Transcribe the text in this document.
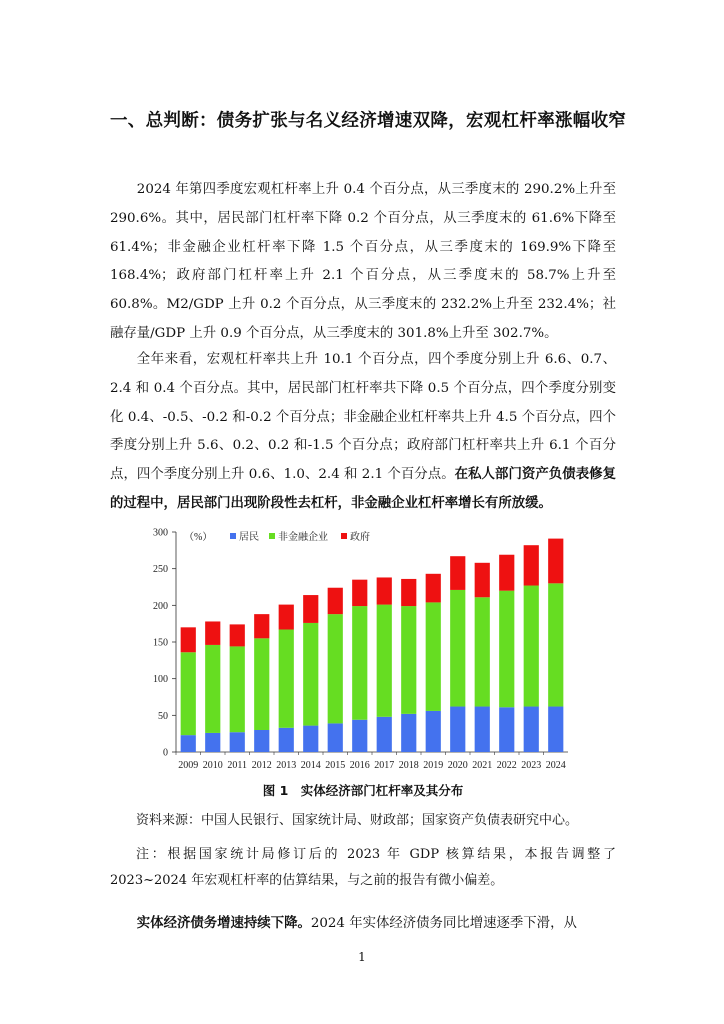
一、总判断：债务扩张与名义经济增速双降，宏观杠杆率涨幅收窄

2024 年第四季度宏观杠杆率上升 0.4 个百分点，从三季度末的 290.2%上升至 290.6%。其中，居民部门杠杆率下降 0.2 个百分点，从三季度末的 61.6%下降至 61.4%；非金融企业杠杆率下降 1.5 个百分点，从三季度末的 169.9%下降至 168.4%；政府部门杠杆率上升 2.1 个百分点，从三季度末的 58.7%上升至 60.8%。M2/GDP 上升 0.2 个百分点，从三季度末的 232.2%上升至 232.4%；社融存量/GDP 上升 0.9 个百分点，从三季度末的 301.8%上升至 302.7%。

全年来看，宏观杠杆率共上升 10.1 个百分点，四个季度分别上升 6.6、0.7、2.4 和 0.4 个百分点。其中，居民部门杠杆率共下降 0.5 个百分点，四个季度分别变化 0.4、-0.5、-0.2 和-0.2 个百分点；非金融企业杠杆率共上升 4.5 个百分点，四个季度分别上升 5.6、0.2、0.2 和-1.5 个百分点；政府部门杠杆率共上升 6.1 个百分点，四个季度分别上升 0.6、1.0、2.4 和 2.1 个百分点。在私人部门资产负债表修复的过程中，居民部门出现阶段性去杠杆，非金融企业杠杆率增长有所放缓。

0
50
100
150
200
250
300
2009 2010 2011 2012 2013 2014 2015 2016 2017 2018 2019 2020 2021 2022 2023 2024
（%）	居民 非金融企业 政府

图 1　实体经济部门杠杆率及其分布

资料来源：中国人民银行、国家统计局、财政部；国家资产负债表研究中心。

注：根据国家统计局修订后的 2023 年 GDP 核算结果，本报告调整了 2023~2024 年宏观杠杆率的估算结果，与之前的报告有微小偏差。

实体经济债务增速持续下降。2024 年实体经济债务同比增速逐季下滑，从

1
